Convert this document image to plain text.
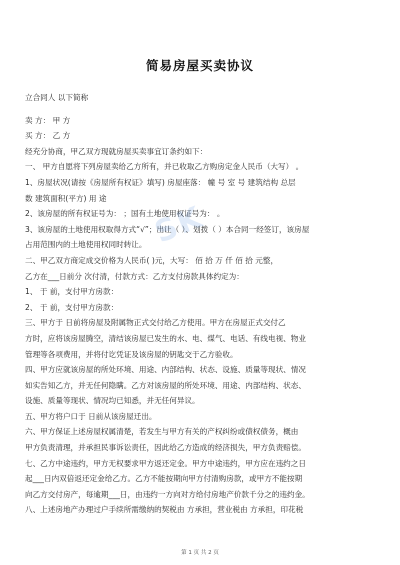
简易房屋买卖协议
立合同人 以下简称
卖 方： 甲 方
买 方： 乙 方
经充分协商，甲乙双方现就房屋买卖事宜订条约如下：
一、 甲方自愿将下列房屋卖给乙方所有，并已收取乙方购房定金人民币（大写） 。
1、房屋状况(请按《房屋所有权证》填写) 房屋座落： 幢 号 室 号 建筑结构 总层
数 建筑面积(平方) 用 途
2、该房屋的所有权证号为： ；国有土地使用权证号为： 。
3、该房屋的土地使用权取得方式“√”；出让（ ）、划拨（ ）本合同一经签订，该房屋
占用范围内的土地使用权同时转让。
二、甲乙双方商定成交价格为人民币( )元，大写： 佰 拾 万 仟 佰 拾 元整，
乙方在___日前分 次付清，付款方式：乙方支付房款具体约定为：
1、 于 前，支付甲方房款：
2、 于 前，支付甲方房款：
三、甲方于 日前将房屋及附属物正式交付给乙方使用。甲方在房屋正式交付乙
方时，应将该房屋腾空，清结该房屋已发生的水、电、煤气、电话、有线电视、物业
管理等各项费用，并将付讫凭证及该房屋的钥匙交于乙方验收。
四、甲方应就该房屋的所处环境、用途、内部结构、状态、设施、质量等现状、情况
如实告知乙方，并无任何隐瞒。乙方对该房屋的所处环境、用途、内部结构、状态、
设施、质量等现状、情况均已知悉，并无任何异议。
五、甲方将户口于 日前从该房屋迁出。
六、甲方保证上述房屋权属清楚，若发生与甲方有关的产权纠纷或债权债务，概由
甲方负责清理，并承担民事诉讼责任，因此给乙方造成的经济损失，甲方负责赔偿。
七、乙方中途违约，甲方无权要求甲方返还定金。甲方中途违约，甲方应在违约之日
起___日内双倍返还定金给乙方。乙方不能按期向甲方付清购房款，或甲方不能按期
向乙方交付房产，每逾期___日，由违约一方向对方给付房地产价款千分之的违约金。
八、上述房地产办理过户手续所需缴纳的契税由 方承担，营业税由 方承担，印花税
SK
第 1 页 共 2 页
